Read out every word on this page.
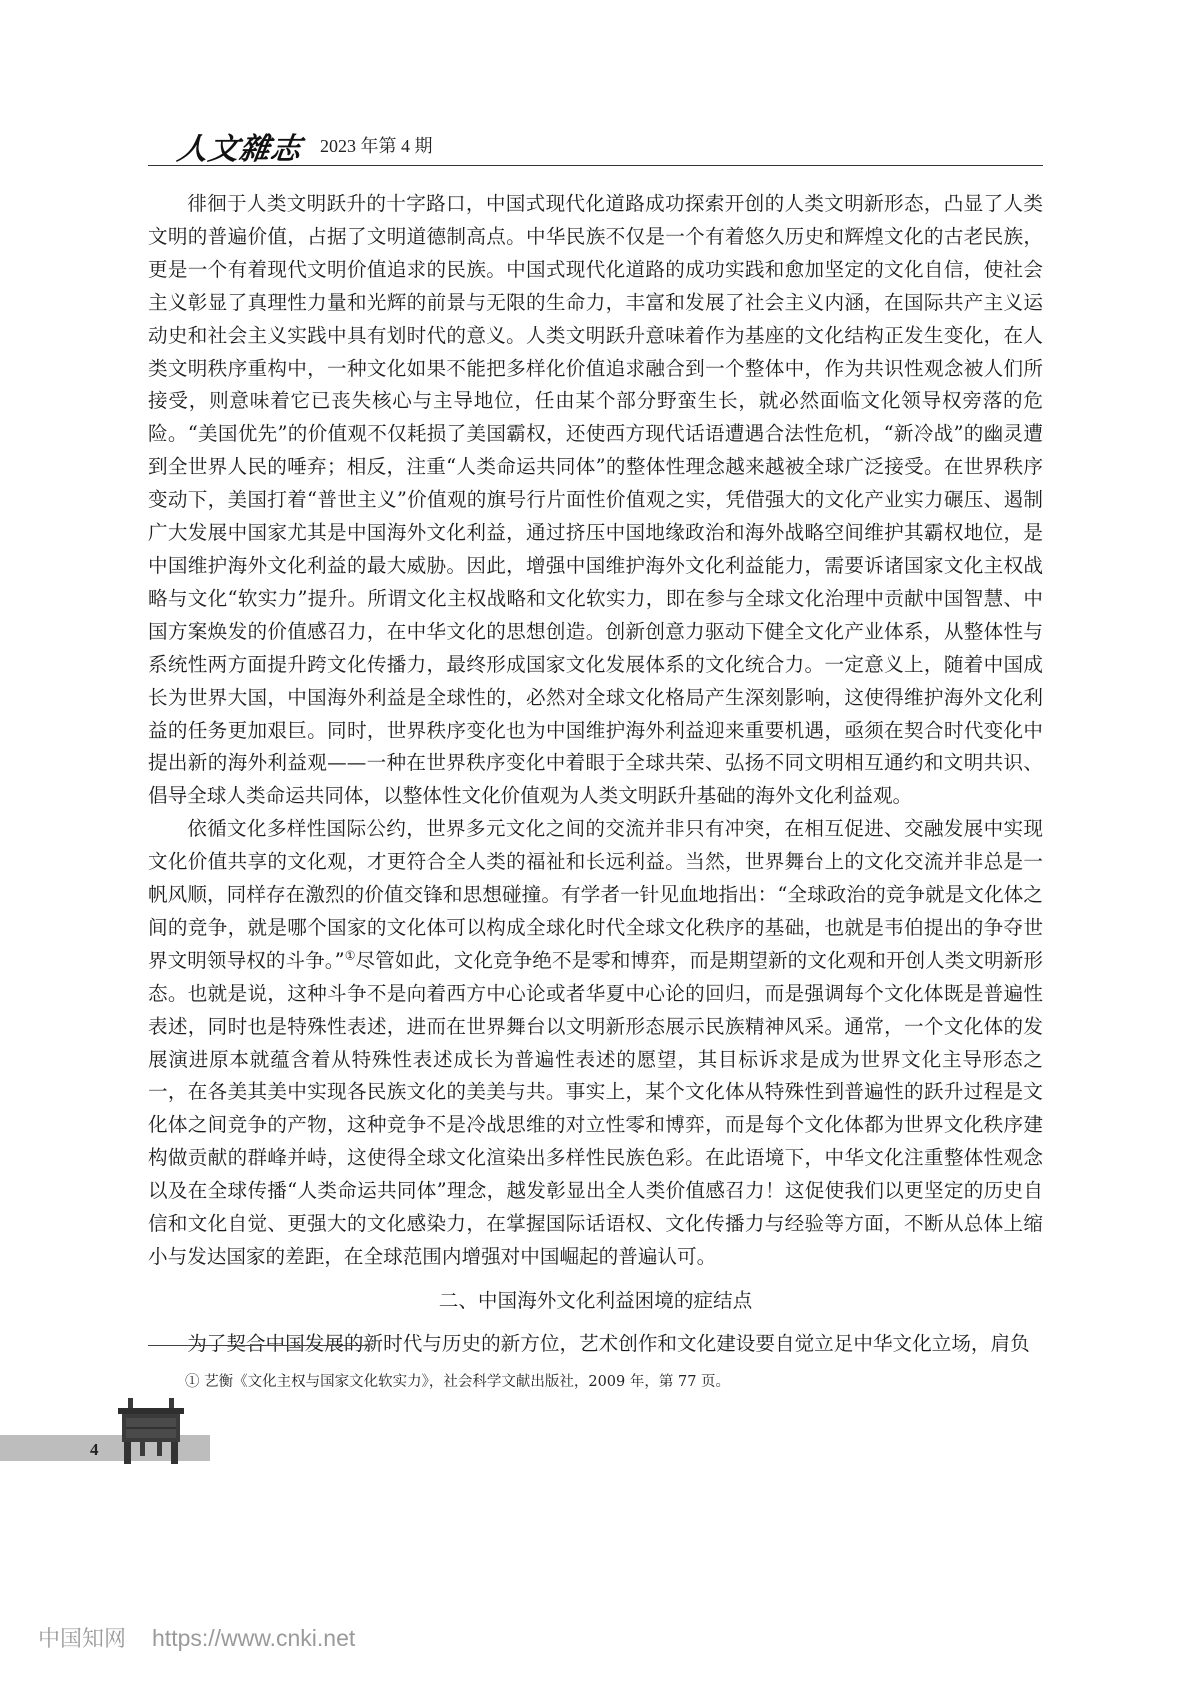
人文雜志 2023 年第 4 期

徘徊于人类文明跃升的十字路口，中国式现代化道路成功探索开创的人类文明新形态，凸显了人类文明的普遍价值，占据了文明道德制高点。中华民族不仅是一个有着悠久历史和辉煌文化的古老民族，更是一个有着现代文明价值追求的民族。中国式现代化道路的成功实践和愈加坚定的文化自信，使社会主义彰显了真理性力量和光辉的前景与无限的生命力，丰富和发展了社会主义内涵，在国际共产主义运动史和社会主义实践中具有划时代的意义。人类文明跃升意味着作为基座的文化结构正发生变化，在人类文明秩序重构中，一种文化如果不能把多样化价值追求融合到一个整体中，作为共识性观念被人们所接受，则意味着它已丧失核心与主导地位，任由某个部分野蛮生长，就必然面临文化领导权旁落的危险。“美国优先”的价值观不仅耗损了美国霸权，还使西方现代话语遭遇合法性危机，“新冷战”的幽灵遭到全世界人民的唾弃；相反，注重“人类命运共同体”的整体性理念越来越被全球广泛接受。在世界秩序变动下，美国打着“普世主义”价值观的旗号行片面性价值观之实，凭借强大的文化产业实力碾压、遏制广大发展中国家尤其是中国海外文化利益，通过挤压中国地缘政治和海外战略空间维护其霸权地位，是中国维护海外文化利益的最大威胁。因此，增强中国维护海外文化利益能力，需要诉诸国家文化主权战略与文化“软实力”提升。所谓文化主权战略和文化软实力，即在参与全球文化治理中贡献中国智慧、中国方案焕发的价值感召力，在中华文化的思想创造。创新创意力驱动下健全文化产业体系，从整体性与系统性两方面提升跨文化传播力，最终形成国家文化发展体系的文化统合力。一定意义上，随着中国成长为世界大国，中国海外利益是全球性的，必然对全球文化格局产生深刻影响，这使得维护海外文化利益的任务更加艰巨。同时，世界秩序变化也为中国维护海外利益迎来重要机遇，亟须在契合时代变化中提出新的海外利益观——一种在世界秩序变化中着眼于全球共荣、弘扬不同文明相互通约和文明共识、倡导全球人类命运共同体，以整体性文化价值观为人类文明跃升基础的海外文化利益观。

依循文化多样性国际公约，世界多元文化之间的交流并非只有冲突，在相互促进、交融发展中实现文化价值共享的文化观，才更符合全人类的福祉和长远利益。当然，世界舞台上的文化交流并非总是一帆风顺，同样存在激烈的价值交锋和思想碰撞。有学者一针见血地指出：“全球政治的竞争就是文化体之间的竞争，就是哪个国家的文化体可以构成全球化时代全球文化秩序的基础，也就是韦伯提出的争夺世界文明领导权的斗争。”①尽管如此，文化竞争绝不是零和博弈，而是期望新的文化观和开创人类文明新形态。也就是说，这种斗争不是向着西方中心论或者华夏中心论的回归，而是强调每个文化体既是普遍性表述，同时也是特殊性表述，进而在世界舞台以文明新形态展示民族精神风采。通常，一个文化体的发展演进原本就蕴含着从特殊性表述成长为普遍性表述的愿望，其目标诉求是成为世界文化主导形态之一，在各美其美中实现各民族文化的美美与共。事实上，某个文化体从特殊性到普遍性的跃升过程是文化体之间竞争的产物，这种竞争不是冷战思维的对立性零和博弈，而是每个文化体都为世界文化秩序建构做贡献的群峰并峙，这使得全球文化渲染出多样性民族色彩。在此语境下，中华文化注重整体性观念以及在全球传播“人类命运共同体”理念，越发彰显出全人类价值感召力！这促使我们以更坚定的历史自信和文化自觉、更强大的文化感染力，在掌握国际话语权、文化传播力与经验等方面，不断从总体上缩小与发达国家的差距，在全球范围内增强对中国崛起的普遍认可。

二、中国海外文化利益困境的症结点

为了契合中国发展的新时代与历史的新方位，艺术创作和文化建设要自觉立足中华文化立场，肩负

① 艺衡《文化主权与国家文化软实力》，社会科学文献出版社，2009 年，第 77 页。
4
中国知网 https://www.cnki.net
